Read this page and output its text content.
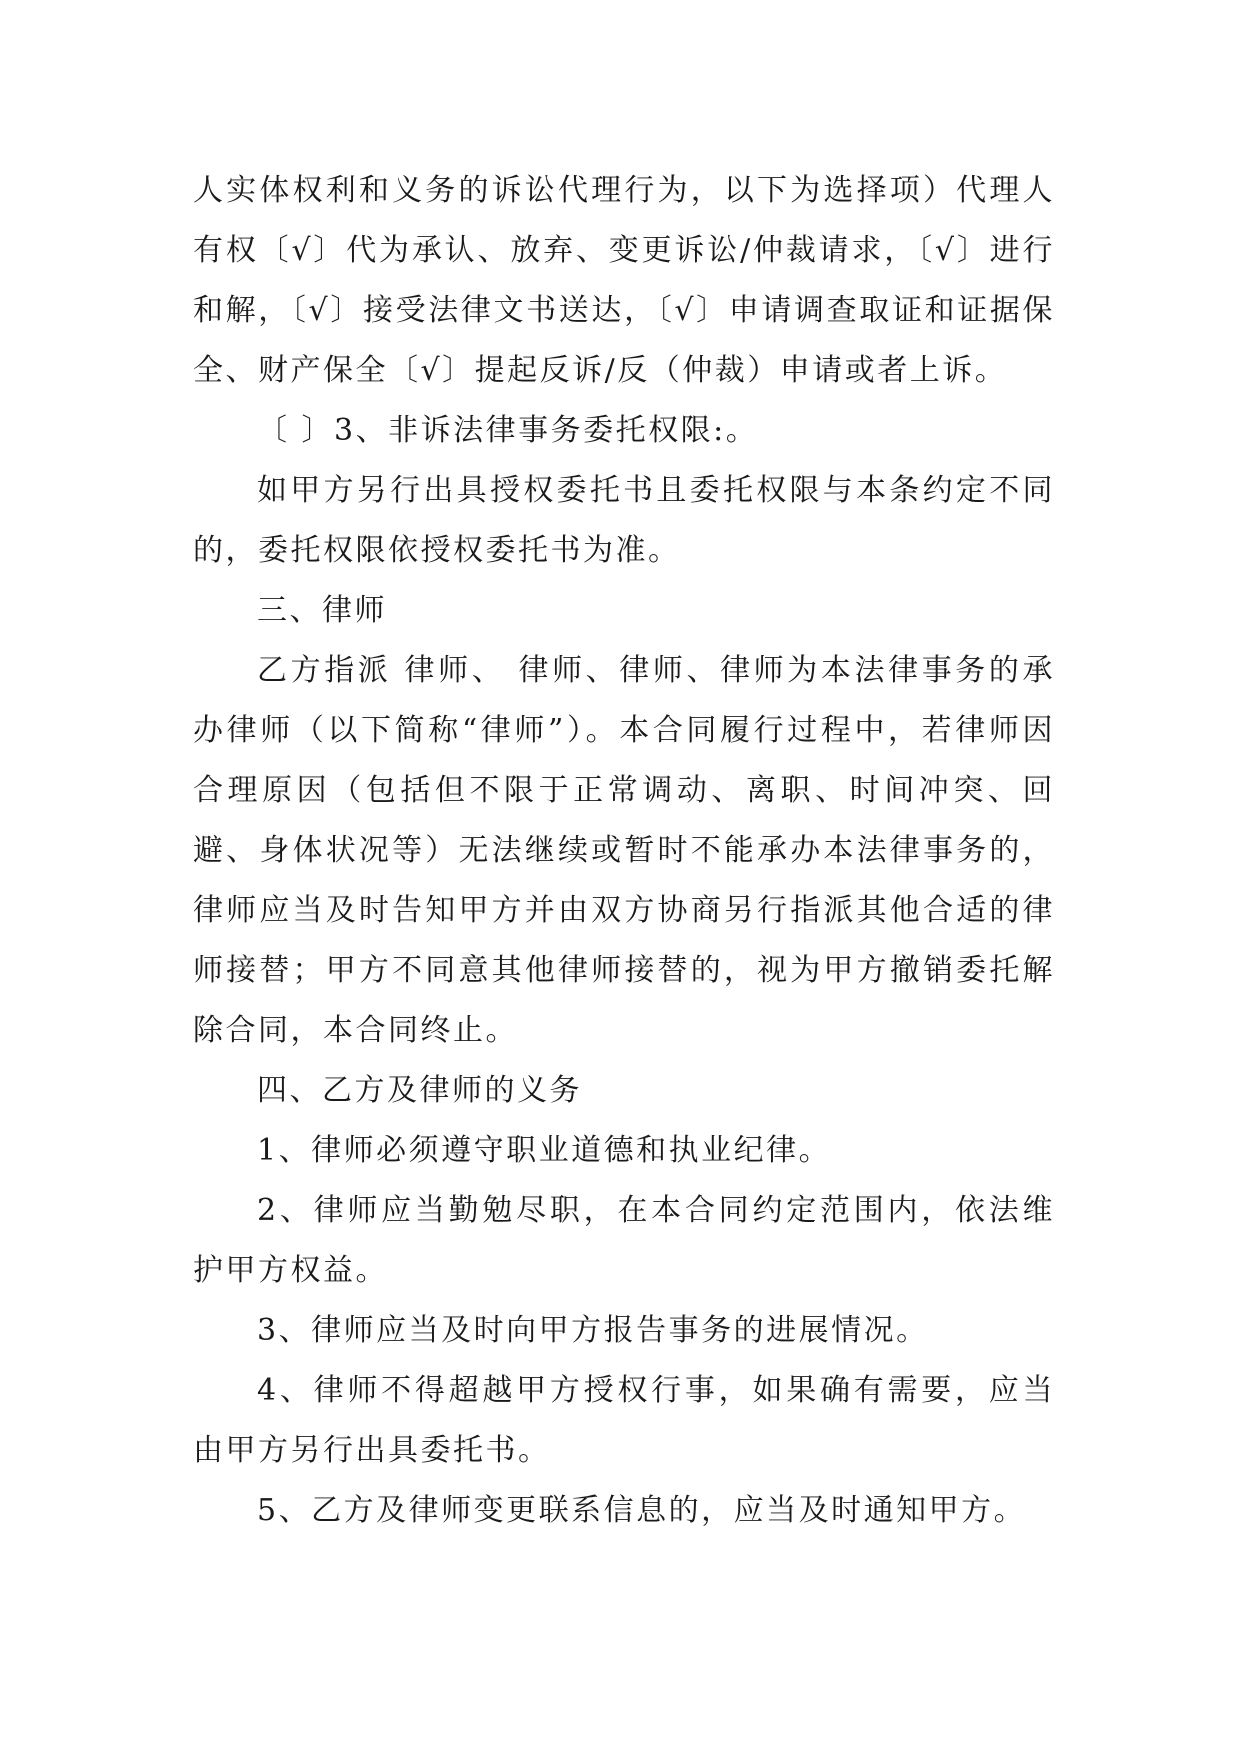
人实体权利和义务的诉讼代理行为，以下为选择项）代理人有权〔√〕代为承认、放弃、变更诉讼/仲裁请求，〔√〕进行和解，〔√〕接受法律文书送达，〔√〕申请调查取证和证据保全、财产保全〔√〕提起反诉/反（仲裁）申请或者上诉。

〔 〕3、非诉法律事务委托权限:。

如甲方另行出具授权委托书且委托权限与本条约定不同的，委托权限依授权委托书为准。

三、律师

乙方指派 律师、 律师、律师、律师为本法律事务的承办律师（以下简称“律师”）。本合同履行过程中，若律师因合理原因（包括但不限于正常调动、离职、时间冲突、回避、身体状况等）无法继续或暂时不能承办本法律事务的，律师应当及时告知甲方并由双方协商另行指派其他合适的律师接替；甲方不同意其他律师接替的，视为甲方撤销委托解除合同，本合同终止。

四、乙方及律师的义务

1、律师必须遵守职业道德和执业纪律。

2、律师应当勤勉尽职，在本合同约定范围内，依法维护甲方权益。

3、律师应当及时向甲方报告事务的进展情况。

4、律师不得超越甲方授权行事，如果确有需要，应当由甲方另行出具委托书。

5、乙方及律师变更联系信息的，应当及时通知甲方。
